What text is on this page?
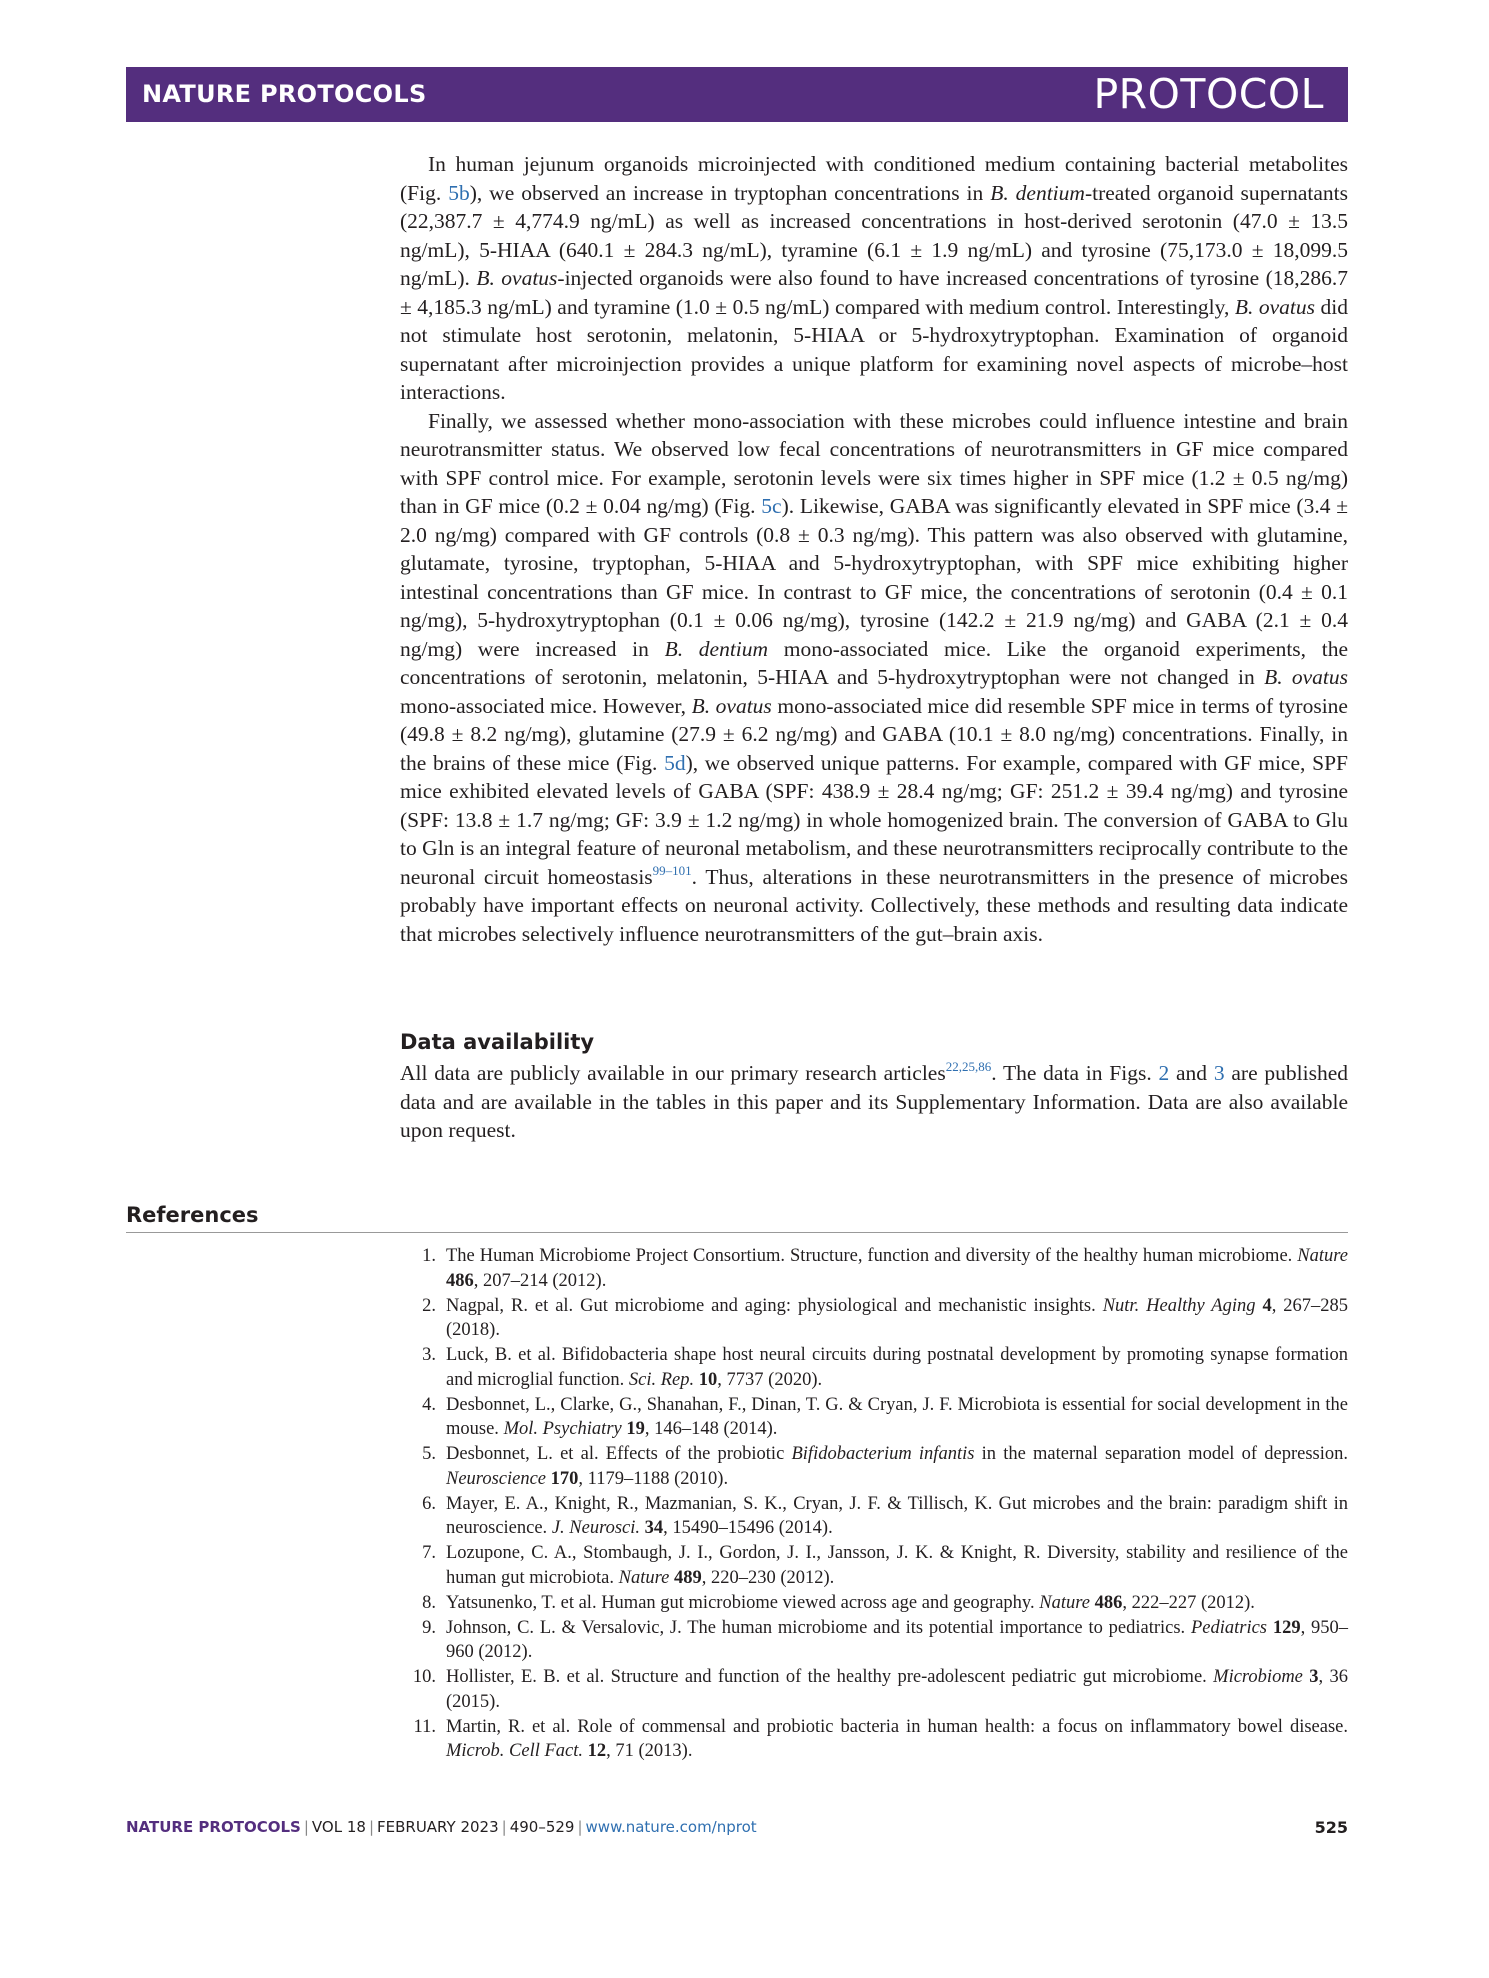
NATURE PROTOCOLS	PROTOCOL

In human jejunum organoids microinjected with conditioned medium containing bacterial metabolites (Fig. 5b), we observed an increase in tryptophan concentrations in B. dentium-treated organoid supernatants (22,387.7 ± 4,774.9 ng/mL) as well as increased concentrations in host-derived serotonin (47.0 ± 13.5 ng/mL), 5-HIAA (640.1 ± 284.3 ng/mL), tyramine (6.1 ± 1.9 ng/mL) and tyrosine (75,173.0 ± 18,099.5 ng/mL). B. ovatus-injected organoids were also found to have increased concentrations of tyrosine (18,286.7 ± 4,185.3 ng/mL) and tyramine (1.0 ± 0.5 ng/mL) compared with medium control. Interestingly, B. ovatus did not stimulate host serotonin, melatonin, 5-HIAA or 5-hydroxytryptophan. Examination of organoid supernatant after microinjection provides a unique platform for examining novel aspects of microbe–host interactions.

Finally, we assessed whether mono-association with these microbes could influence intestine and brain neurotransmitter status. We observed low fecal concentrations of neurotransmitters in GF mice compared with SPF control mice. For example, serotonin levels were six times higher in SPF mice (1.2 ± 0.5 ng/mg) than in GF mice (0.2 ± 0.04 ng/mg) (Fig. 5c). Likewise, GABA was significantly elevated in SPF mice (3.4 ± 2.0 ng/mg) compared with GF controls (0.8 ± 0.3 ng/mg). This pattern was also observed with glutamine, glutamate, tyrosine, tryptophan, 5-HIAA and 5-hydroxytryptophan, with SPF mice exhibiting higher intestinal concentrations than GF mice. In contrast to GF mice, the concentrations of serotonin (0.4 ± 0.1 ng/mg), 5-hydroxytryptophan (0.1 ± 0.06 ng/mg), tyrosine (142.2 ± 21.9 ng/mg) and GABA (2.1 ± 0.4 ng/mg) were increased in B. dentium mono-associated mice. Like the organoid experiments, the concentrations of serotonin, melatonin, 5-HIAA and 5-hydroxytryptophan were not changed in B. ovatus mono-associated mice. However, B. ovatus mono-associated mice did resemble SPF mice in terms of tyrosine (49.8 ± 8.2 ng/mg), glutamine (27.9 ± 6.2 ng/mg) and GABA (10.1 ± 8.0 ng/mg) concentrations. Finally, in the brains of these mice (Fig. 5d), we observed unique patterns. For example, compared with GF mice, SPF mice exhibited elevated levels of GABA (SPF: 438.9 ± 28.4 ng/mg; GF: 251.2 ± 39.4 ng/mg) and tyrosine (SPF: 13.8 ± 1.7 ng/mg; GF: 3.9 ± 1.2 ng/mg) in whole homogenized brain. The conversion of GABA to Glu to Gln is an integral feature of neuronal metabolism, and these neurotransmitters reciprocally contribute to the neuronal circuit homeostasis$^{99-101}$. Thus, alterations in these neurotransmitters in the presence of microbes probably have important effects on neuronal activity. Collectively, these methods and resulting data indicate that microbes selectively influence neurotransmitters of the gut–brain axis.

Data availability
All data are publicly available in our primary research articles$^{22,25,86}$. The data in Figs. 2 and 3 are published data and are available in the tables in this paper and its Supplementary Information. Data are also available upon request.
References
1. The Human Microbiome Project Consortium. Structure, function and diversity of the healthy human microbiome. Nature 486, 207–214 (2012).
2. Nagpal, R. et al. Gut microbiome and aging: physiological and mechanistic insights. Nutr. Healthy Aging 4, 267–285 (2018).
3. Luck, B. et al. Bifidobacteria shape host neural circuits during postnatal development by promoting synapse formation and microglial function. Sci. Rep. 10, 7737 (2020).
4. Desbonnet, L., Clarke, G., Shanahan, F., Dinan, T. G. & Cryan, J. F. Microbiota is essential for social development in the mouse. Mol. Psychiatry 19, 146–148 (2014).
5. Desbonnet, L. et al. Effects of the probiotic Bifidobacterium infantis in the maternal separation model of depression. Neuroscience 170, 1179–1188 (2010).
6. Mayer, E. A., Knight, R., Mazmanian, S. K., Cryan, J. F. & Tillisch, K. Gut microbes and the brain: paradigm shift in neuroscience. J. Neurosci. 34, 15490–15496 (2014).
7. Lozupone, C. A., Stombaugh, J. I., Gordon, J. I., Jansson, J. K. & Knight, R. Diversity, stability and resilience of the human gut microbiota. Nature 489, 220–230 (2012).
8. Yatsunenko, T. et al. Human gut microbiome viewed across age and geography. Nature 486, 222–227 (2012).
9. Johnson, C. L. & Versalovic, J. The human microbiome and its potential importance to pediatrics. Pediatrics 129, 950–960 (2012).
10. Hollister, E. B. et al. Structure and function of the healthy pre-adolescent pediatric gut microbiome. Microbiome 3, 36 (2015).
11. Martin, R. et al. Role of commensal and probiotic bacteria in human health: a focus on inflammatory bowel disease. Microb. Cell Fact. 12, 71 (2013).
NATURE PROTOCOLS | VOL 18 | FEBRUARY 2023 | 490–529 | www.nature.com/nprot	525
